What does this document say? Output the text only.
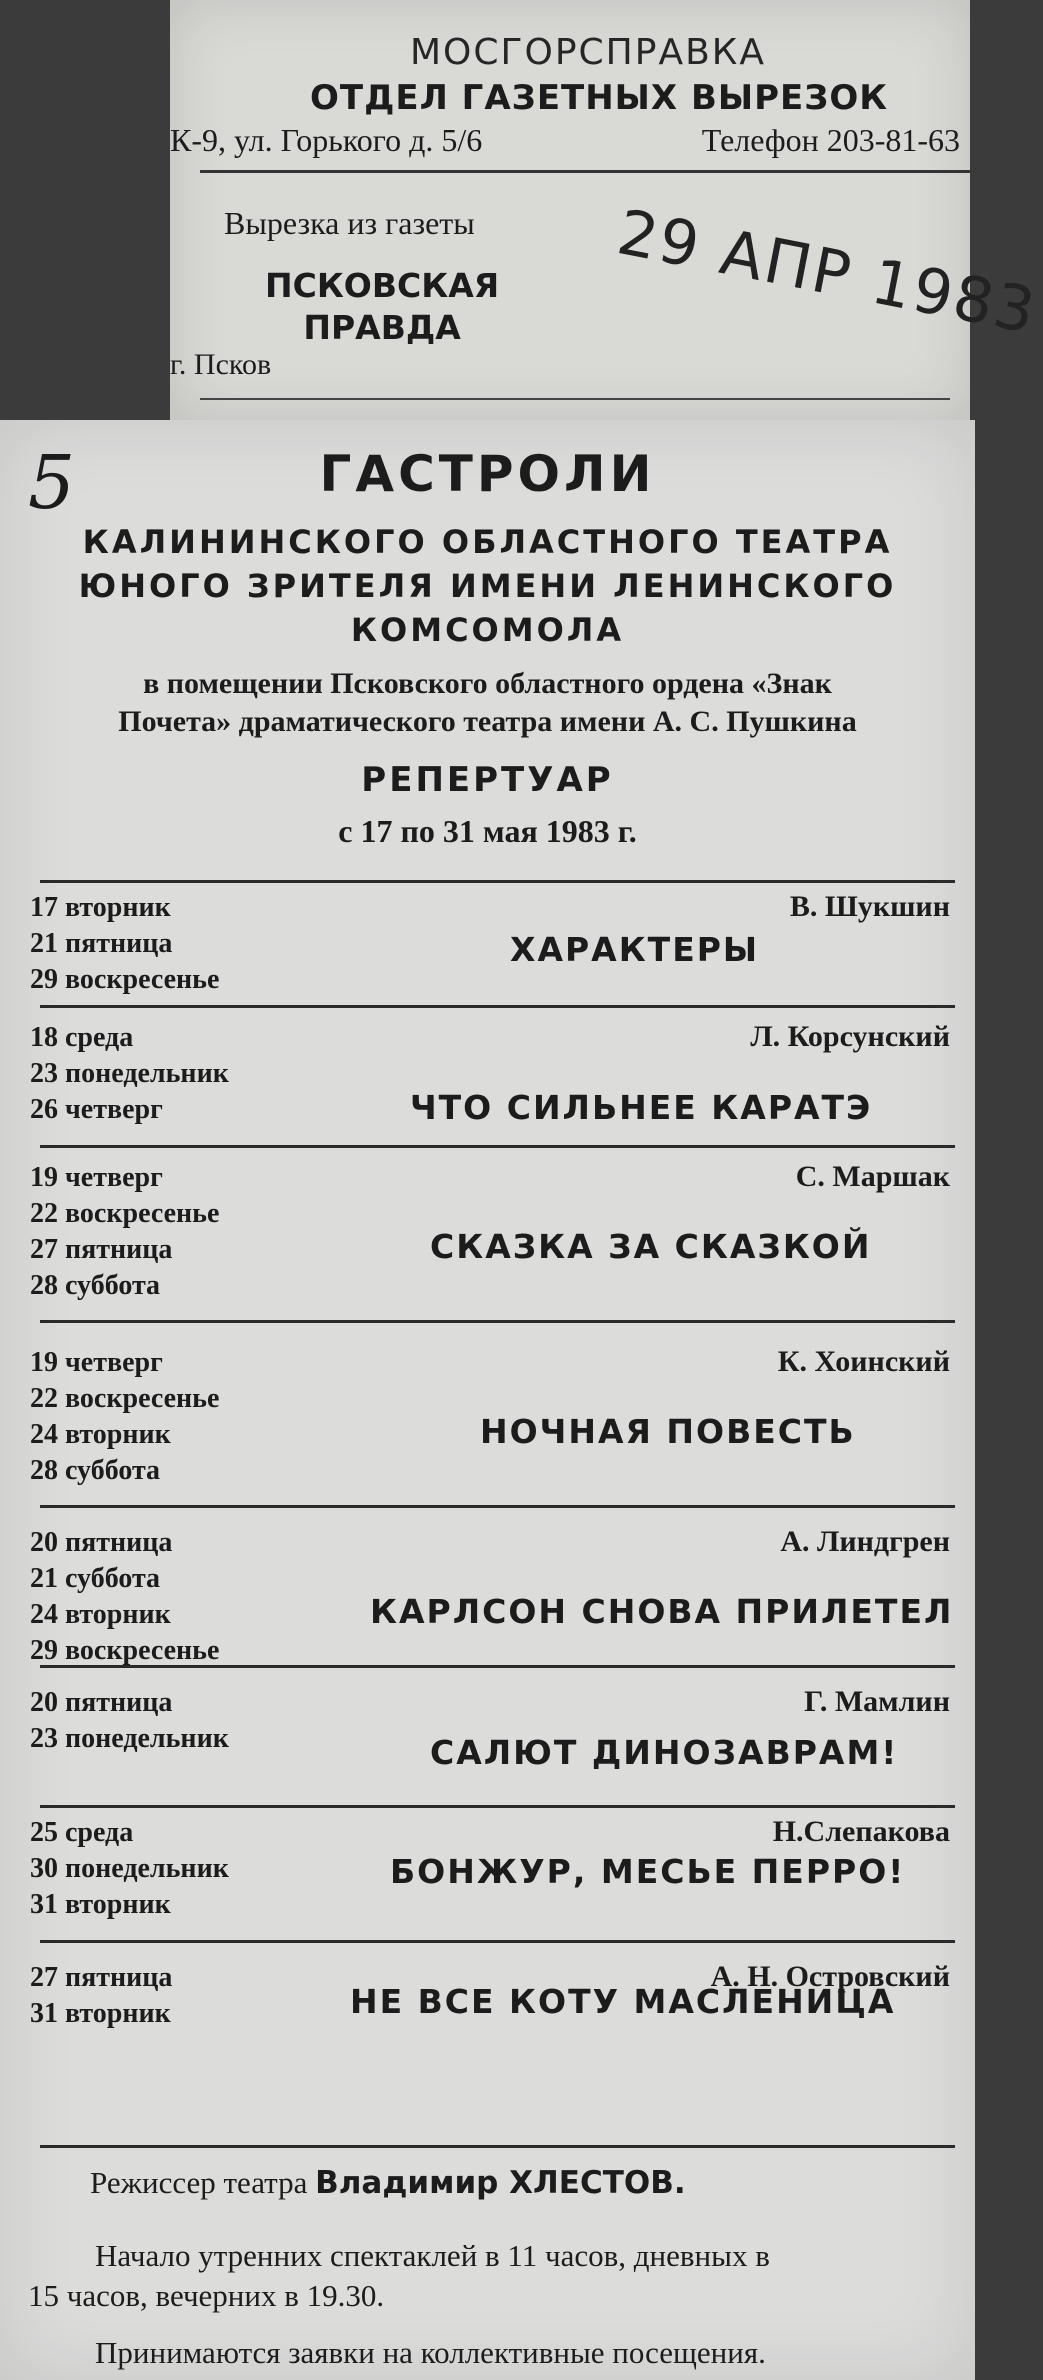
МОСГОРСПРАВКА
ОТДЕЛ ГАЗЕТНЫХ ВЫРЕЗОК
К-9, ул. Горького д. 5/6	Телефон 203-81-63
Вырезка из газеты
ПСКОВСКАЯ
ПРАВДА
г. Псков
29 АПР 1983
5	ГАСТРОЛИ
КАЛИНИНСКОГО ОБЛАСТНОГО ТЕАТРА
ЮНОГО ЗРИТЕЛЯ ИМЕНИ ЛЕНИНСКОГО
КОМСОМОЛА
в помещении Псковского областного ордена «Знак
Почета» драматического театра имени А. С. Пушкина
РЕПЕРТУАР
с 17 по 31 мая 1983 г.
17 вторник
21 пятница
29 воскресенье
В. Шукшин
ХАРАКТЕРЫ
18 среда
23 понедельник
26 четверг
Л. Корсунский
ЧТО СИЛЬНЕЕ КАРАТЭ
19 четверг
22 воскресенье
27 пятница
28 суббота
С. Маршак
СКАЗКА ЗА СКАЗКОЙ
19 четверг
22 воскресенье
24 вторник
28 суббота
К. Хоинский
НОЧНАЯ ПОВЕСТЬ
20 пятница
21 суббота
24 вторник
29 воскресенье
А. Линдгрен
КАРЛСОН СНОВА ПРИЛЕТЕЛ
20 пятница
23 понедельник
Г. Мамлин
САЛЮТ ДИНОЗАВРАМ!
25 среда
30 понедельник
31 вторник
Н.Слепакова
БОНЖУР, МЕСЬЕ ПЕРРО!
27 пятница
31 вторник
А. Н. Островский
НЕ ВСЕ КОТУ МАСЛЕНИЦА
Режиссер театра Владимир ХЛЕСТОВ.
Начало утренних спектаклей в 11 часов, дневных в
15 часов, вечерних в 19.30.
Принимаются заявки на коллективные посещения.
